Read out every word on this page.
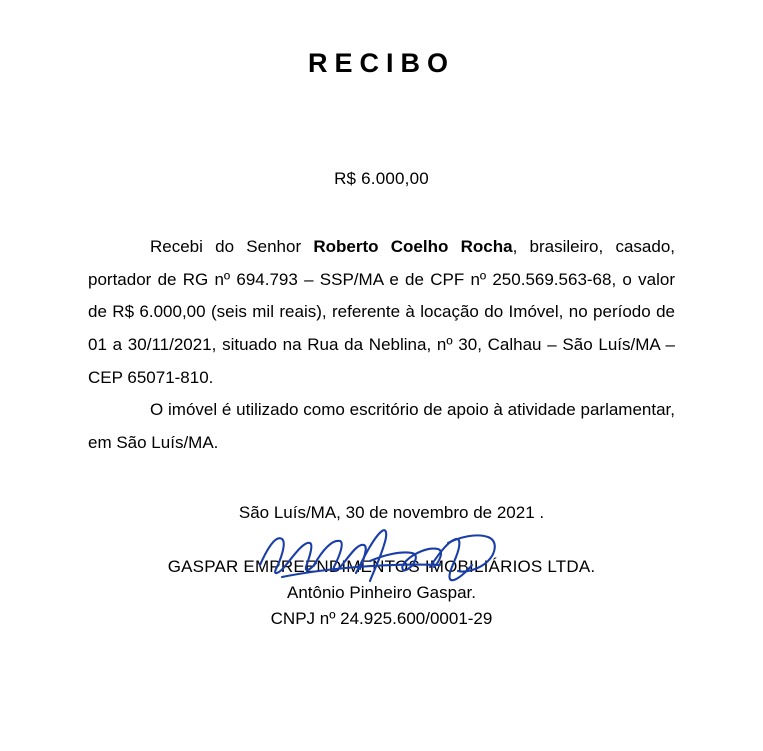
RECIBO
R$ 6.000,00

Recebi do Senhor Roberto Coelho Rocha, brasileiro, casado, portador de RG nº 694.793 – SSP/MA e de CPF nº 250.569.563-68, o valor de R$ 6.000,00 (seis mil reais), referente à locação do Imóvel, no período de 01 a 30/11/2021, situado na Rua da Neblina, nº 30, Calhau – São Luís/MA – CEP 65071-810.

O imóvel é utilizado como escritório de apoio à atividade parlamentar, em São Luís/MA.

São Luís/MA, 30 de novembro de 2021 .
GASPAR EMPREENDIMENTOS IMOBILIÁRIOS LTDA.
Antônio Pinheiro Gaspar.
CNPJ nº 24.925.600/0001-29
